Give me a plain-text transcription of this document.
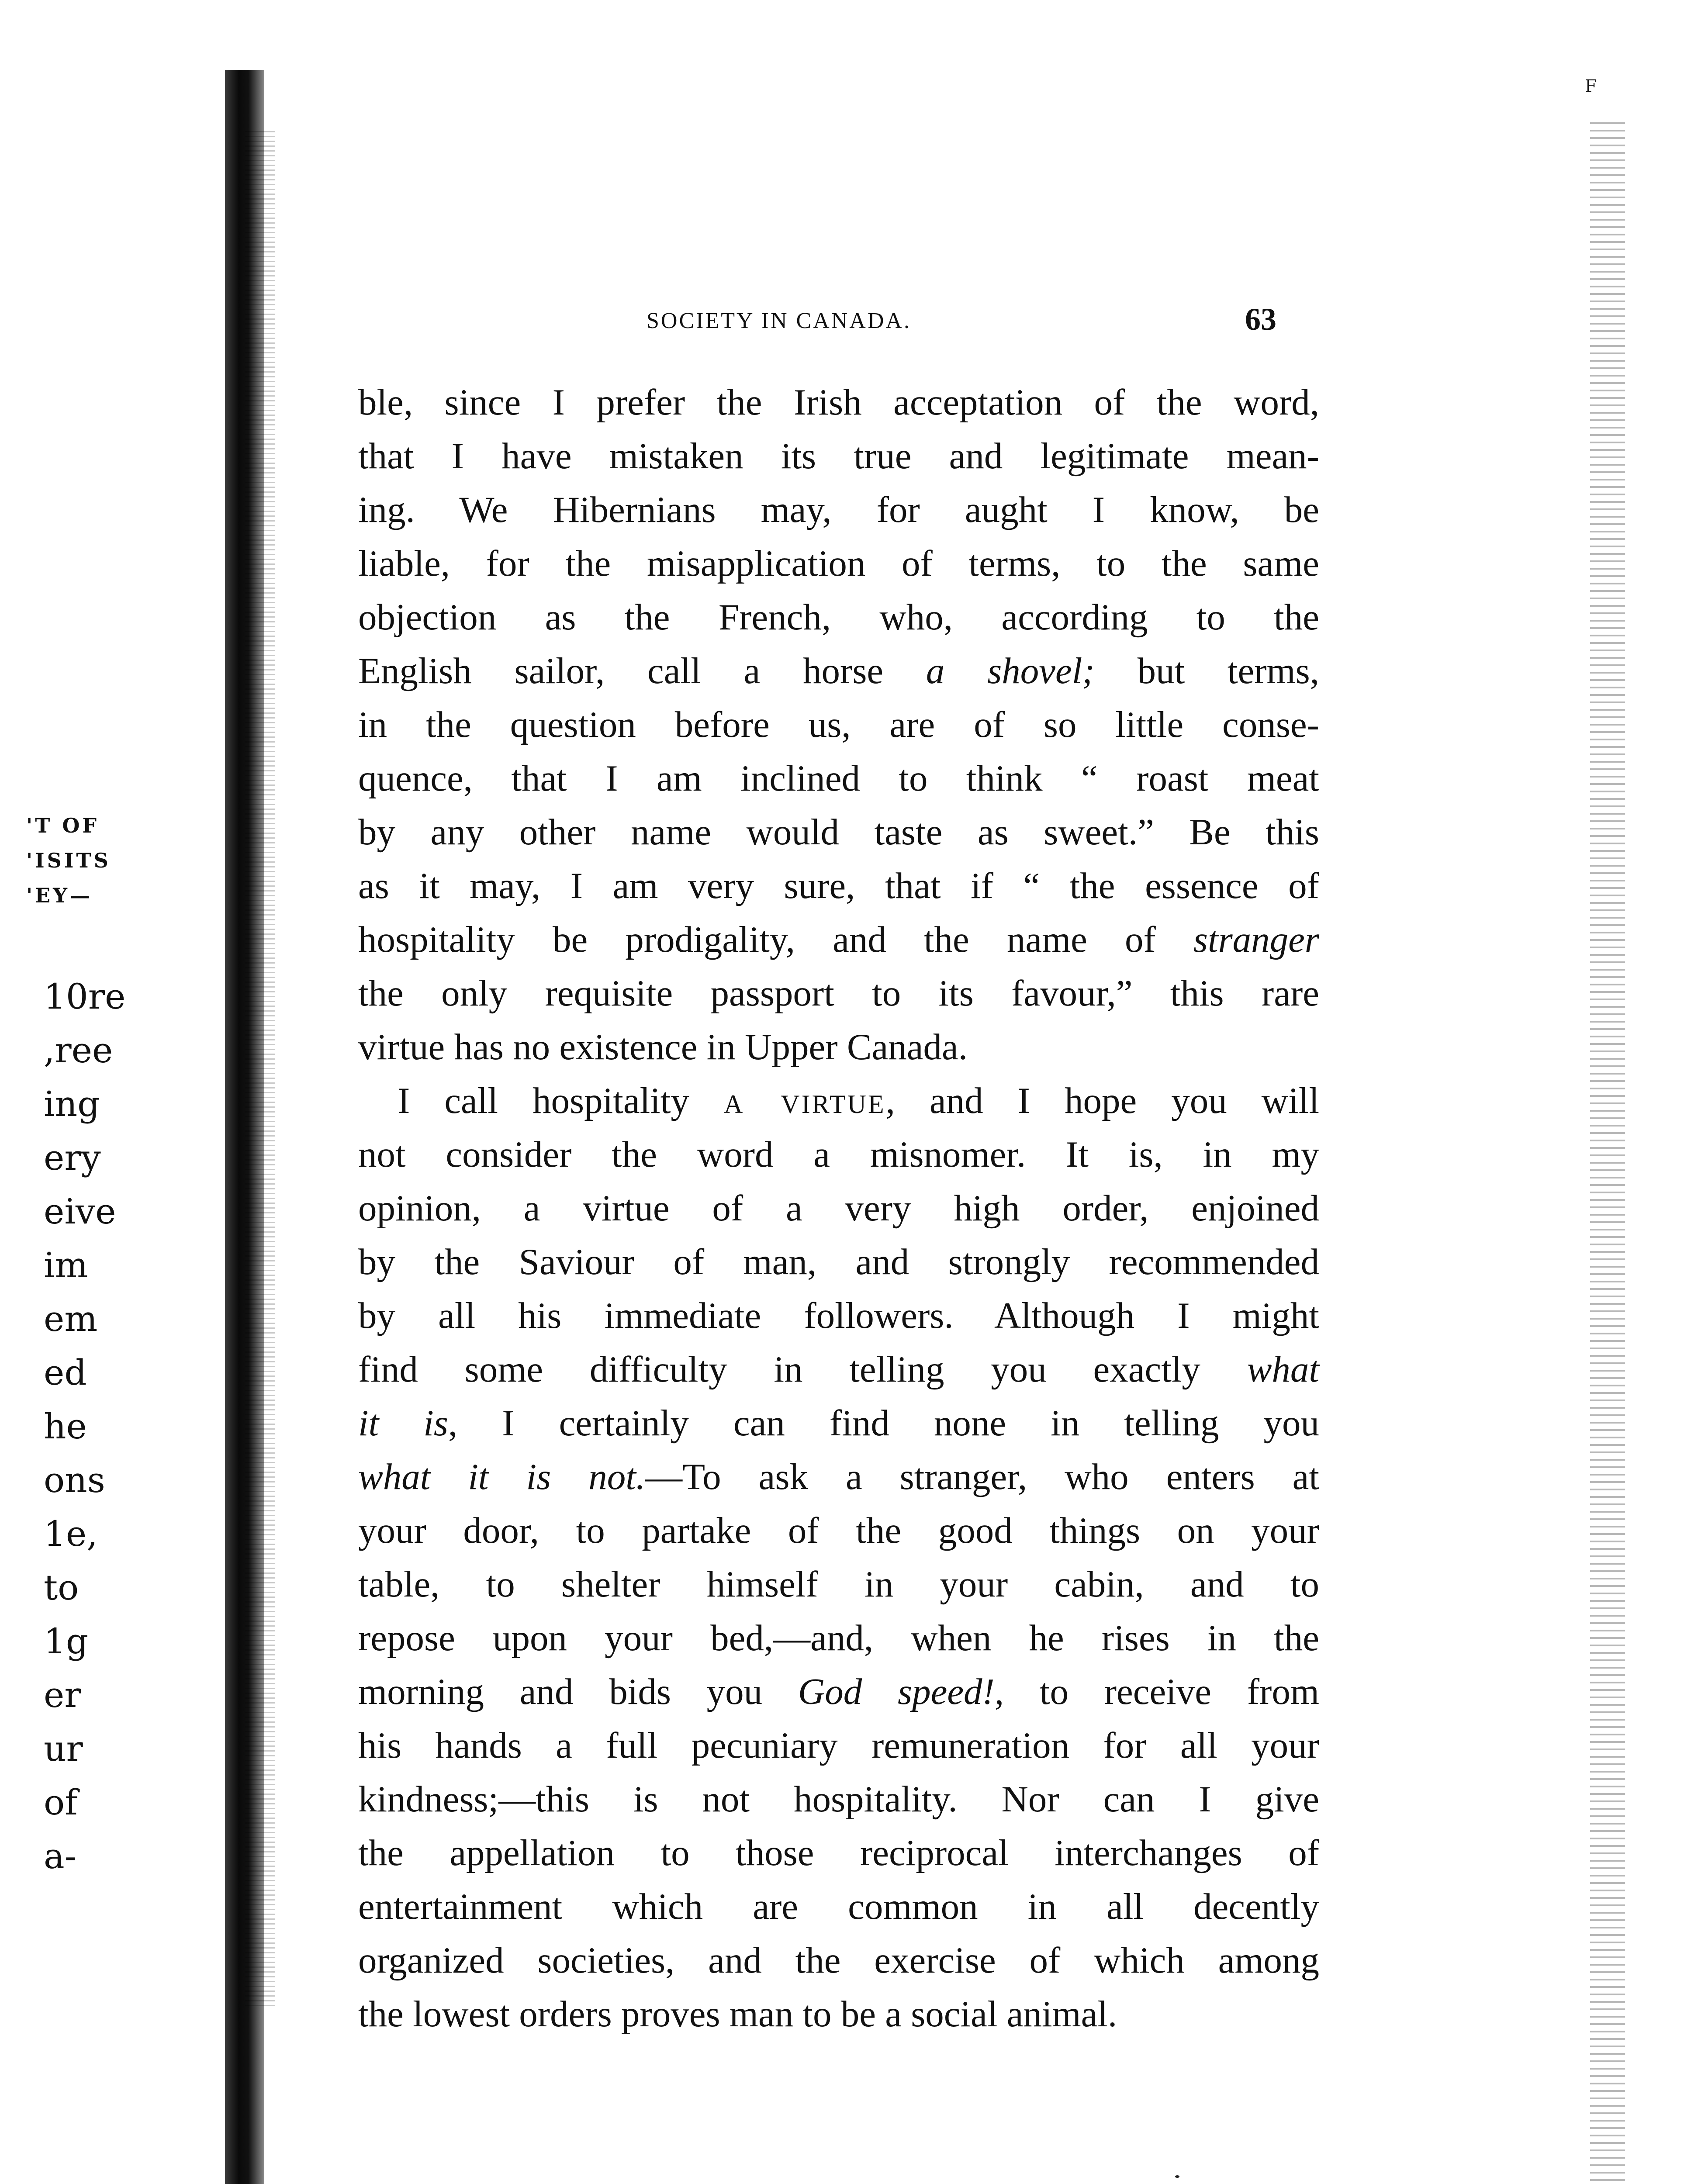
F
'T OF
'ISITS
'EY—
10re
,ree
ing
ery
eive
im
em
ed
he
ons
1e,
to
1g
er
ur
of
a-
SOCIETY IN CANADA.	63
ble, since I prefer the Irish acceptation of the word,
that I have mistaken its true and legitimate mean-
ing. We Hibernians may, for aught I know, be
liable, for the misapplication of terms, to the same
objection as the French, who, according to the
English sailor, call a horse a shovel; but terms,
in the question before us, are of so little conse-
quence, that I am inclined to think “ roast meat
by any other name would taste as sweet.” Be this
as it may, I am very sure, that if “ the essence of
hospitality be prodigality, and the name of stranger
the only requisite passport to its favour,” this rare
virtue has no existence in Upper Canada.
I call hospitality a virtue, and I hope you will
not consider the word a misnomer. It is, in my
opinion, a virtue of a very high order, enjoined
by the Saviour of man, and strongly recommended
by all his immediate followers. Although I might
find some difficulty in telling you exactly what
it is, I certainly can find none in telling you
what it is not.—To ask a stranger, who enters at
your door, to partake of the good things on your
table, to shelter himself in your cabin, and to
repose upon your bed,—and, when he rises in the
morning and bids you God speed!, to receive from
his hands a full pecuniary remuneration for all your
kindness;—this is not hospitality. Nor can I give
the appellation to those reciprocal interchanges of
entertainment which are common in all decently
organized societies, and the exercise of which among
the lowest orders proves man to be a social animal.
